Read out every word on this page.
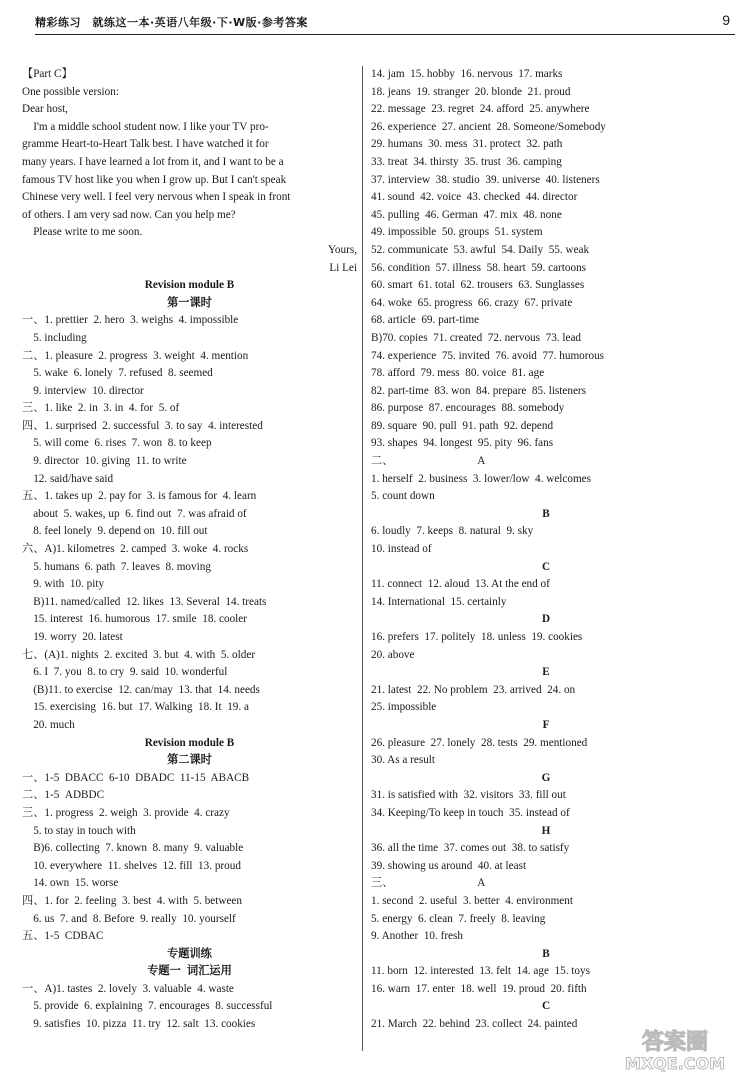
精彩练习　就练这一本·英语八年级·下·W版·参考答案	9
【Part C】
One possible version:
Dear host,
I'm a middle school student now. I like your TV pro-
gramme Heart-to-Heart Talk best. I have watched it for
many years. I have learned a lot from it, and I want to be a
famous TV host like you when I grow up. But I can't speak
Chinese very well. I feel very nervous when I speak in front
of others. I am very sad now. Can you help me?
Please write to me soon.
Yours,
Li Lei
Revision module B
第一课时
一、1. prettier  2. hero  3. weighs  4. impossible
5. including
二、1. pleasure  2. progress  3. weight  4. mention
5. wake  6. lonely  7. refused  8. seemed
9. interview  10. director
三、1. like  2. in  3. in  4. for  5. of
四、1. surprised  2. successful  3. to say  4. interested
5. will come  6. rises  7. won  8. to keep
9. director  10. giving  11. to write
12. said/have said
五、1. takes up  2. pay for  3. is famous for  4. learn
about  5. wakes, up  6. find out  7. was afraid of
8. feel lonely  9. depend on  10. fill out
六、A)1. kilometres  2. camped  3. woke  4. rocks
5. humans  6. path  7. leaves  8. moving
9. with  10. pity
B)11. named/called  12. likes  13. Several  14. treats
15. interest  16. humorous  17. smile  18. cooler
19. worry  20. latest
七、(A)1. nights  2. excited  3. but  4. with  5. older
6. I  7. you  8. to cry  9. said  10. wonderful
(B)11. to exercise  12. can/may  13. that  14. needs
15. exercising  16. but  17. Walking  18. It  19. a
20. much
Revision module B
第二课时
一、1-5  DBACC  6-10  DBADC  11-15  ABACB
二、1-5  ADBDC
三、1. progress  2. weigh  3. provide  4. crazy
5. to stay in touch with
B)6. collecting  7. known  8. many  9. valuable
10. everywhere  11. shelves  12. fill  13. proud
14. own  15. worse
四、1. for  2. feeling  3. best  4. with  5. between
6. us  7. and  8. Before  9. really  10. yourself
五、1-5  CDBAC
专题训练
专题一  词汇运用
一、A)1. tastes  2. lovely  3. valuable  4. waste
5. provide  6. explaining  7. encourages  8. successful
9. satisfies  10. pizza  11. try  12. salt  13. cookies
14. jam  15. hobby  16. nervous  17. marks
18. jeans  19. stranger  20. blonde  21. proud
22. message  23. regret  24. afford  25. anywhere
26. experience  27. ancient  28. Someone/Somebody
29. humans  30. mess  31. protect  32. path
33. treat  34. thirsty  35. trust  36. camping
37. interview  38. studio  39. universe  40. listeners
41. sound  42. voice  43. checked  44. director
45. pulling  46. German  47. mix  48. none
49. impossible  50. groups  51. system
52. communicate  53. awful  54. Daily  55. weak
56. condition  57. illness  58. heart  59. cartoons
60. smart  61. total  62. trousers  63. Sunglasses
64. woke  65. progress  66. crazy  67. private
68. article  69. part-time
B)70. copies  71. created  72. nervous  73. lead
74. experience  75. invited  76. avoid  77. humorous
78. afford  79. mess  80. voice  81. age
82. part-time  83. won  84. prepare  85. listeners
86. purpose  87. encourages  88. somebody
89. square  90. pull  91. path  92. depend
93. shapes  94. longest  95. pity  96. fans
二、                              A
1. herself  2. business  3. lower/low  4. welcomes
5. count down
B
6. loudly  7. keeps  8. natural  9. sky
10. instead of
C
11. connect  12. aloud  13. At the end of
14. International  15. certainly
D
16. prefers  17. politely  18. unless  19. cookies
20. above
E
21. latest  22. No problem  23. arrived  24. on
25. impossible
F
26. pleasure  27. lonely  28. tests  29. mentioned
30. As a result
G
31. is satisfied with  32. visitors  33. fill out
34. Keeping/To keep in touch  35. instead of
H
36. all the time  37. comes out  38. to satisfy
39. showing us around  40. at least
三、                              A
1. second  2. useful  3. better  4. environment
5. energy  6. clean  7. freely  8. leaving
9. Another  10. fresh
B
11. born  12. interested  13. felt  14. age  15. toys
16. warn  17. enter  18. well  19. proud  20. fifth
C
21. March  22. behind  23. collect  24. painted
答案圈
MXQE.COM
